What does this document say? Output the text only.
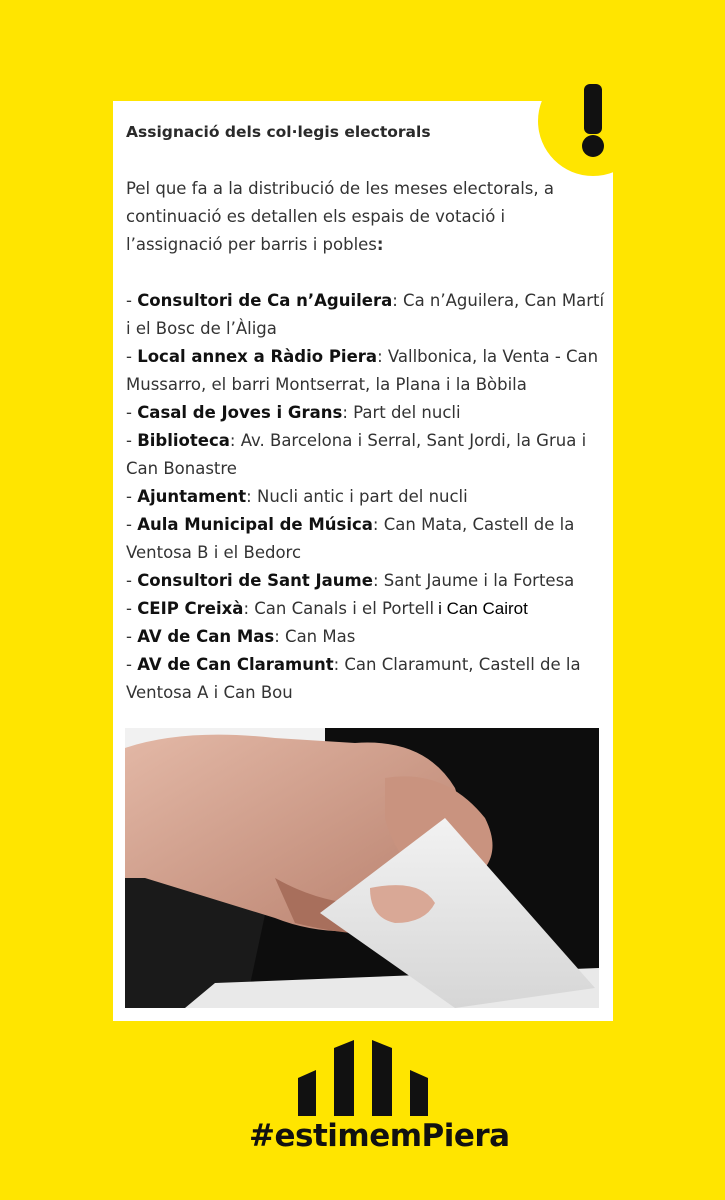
Assignació dels col·legis electorals

Pel que fa a la distribució de les meses electorals, a continuació es detallen els espais de votació i l’assignació per barris i pobles:

- Consultori de Ca n’Aguilera: Ca n’Aguilera, Can Martí i el Bosc de l’Àliga
- Local annex a Ràdio Piera: Vallbonica, la Venta - Can Mussarro, el barri Montserrat, la Plana i la Bòbila
- Casal de Joves i Grans: Part del nucli
- Biblioteca: Av. Barcelona i Serral, Sant Jordi, la Grua i Can Bonastre
- Ajuntament: Nucli antic i part del nucli
- Aula Municipal de Música: Can Mata, Castell de la Ventosa B i el Bedorc
- Consultori de Sant Jaume: Sant Jaume i la Fortesa
- CEIP Creixà: Can Canals i el Portell i Can Cairot
- AV de Can Mas: Can Mas
- AV de Can Claramunt: Can Claramunt, Castell de la Ventosa A i Can Bou
#estimemPiera
